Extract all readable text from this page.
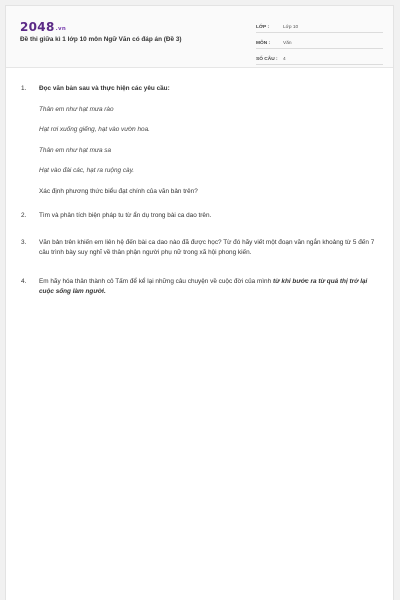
2048.vn
Đề thi giữa kì 1 lớp 10 môn Ngữ Văn có đáp án (Đề 3)
LỚP :	Lớp 10
MÔN :	Văn
SỐ CÂU :	4
1.	Đọc văn bản sau và thực hiện các yêu cầu:
Thân em như hạt mưa rào
Hạt rơi xuống giếng, hạt vào vườn hoa.
Thân em như hạt mưa sa
Hạt vào đài các, hạt ra ruộng cày.
Xác định phương thức biểu đạt chính của văn bản trên?
2.	Tìm và phân tích biện pháp tu từ ẩn dụ trong bài ca dao trên.
3.	Văn bản trên khiến em liên hệ đến bài ca dao nào đã được học? Từ đó hãy viết một đoạn văn ngắn khoảng từ 5 đến 7 câu trình bày suy nghĩ về thân phận người phụ nữ trong xã hội phong kiến.
4.	Em hãy hóa thân thành cô Tấm để kể lại những câu chuyện về cuộc đời của mình từ khi bước ra từ quả thị trở lại cuộc sống làm người.
